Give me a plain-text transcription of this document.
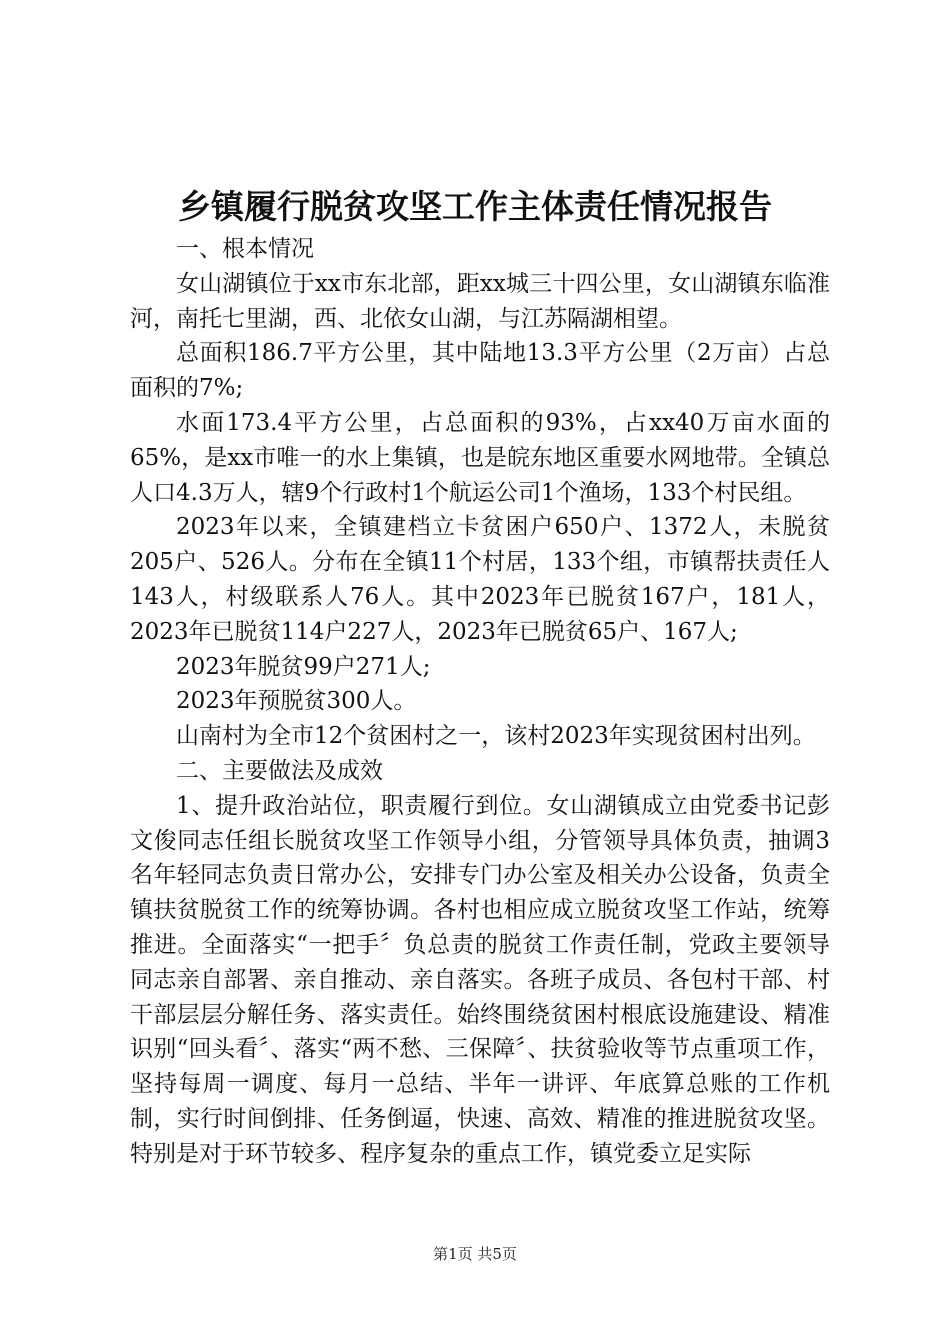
乡镇履行脱贫攻坚工作主体责任情况报告

一、根本情况

女山湖镇位于xx市东北部，距xx城三十四公里，女山湖镇东临淮河，南托七里湖，西、北依女山湖，与江苏隔湖相望。

总面积186.7平方公里，其中陆地13.3平方公里（2万亩）占总面积的7%;

水面173.4平方公里，占总面积的93%，占xx40万亩水面的65%，是xx市唯一的水上集镇，也是皖东地区重要水网地带。全镇总人口4.3万人，辖9个行政村1个航运公司1个渔场，133个村民组。

2023年以来，全镇建档立卡贫困户650户、1372人，未脱贫205户、526人。分布在全镇11个村居，133个组，市镇帮扶责任人143人，村级联系人76人。其中2023年已脱贫167户，181人，2023年已脱贫114户227人，2023年已脱贫65户、167人;

2023年脱贫99户271人;

2023年预脱贫300人。

山南村为全市12个贫困村之一，该村2023年实现贫困村出列。

二、主要做法及成效

1、提升政治站位，职责履行到位。女山湖镇成立由党委书记彭文俊同志任组长脱贫攻坚工作领导小组，分管领导具体负责，抽调3名年轻同志负责日常办公，安排专门办公室及相关办公设备，负责全镇扶贫脱贫工作的统筹协调。各村也相应成立脱贫攻坚工作站，统筹推进。全面落实“一把手〞负总责的脱贫工作责任制，党政主要领导同志亲自部署、亲自推动、亲自落实。各班子成员、各包村干部、村干部层层分解任务、落实责任。始终围绕贫困村根底设施建设、精准识别“回头看〞、落实“两不愁、三保障〞、扶贫验收等节点重项工作，坚持每周一调度、每月一总结、半年一讲评、年底算总账的工作机制，实行时间倒排、任务倒逼，快速、高效、精准的推进脱贫攻坚。特别是对于环节较多、程序复杂的重点工作，镇党委立足实际

第1页 共5页
